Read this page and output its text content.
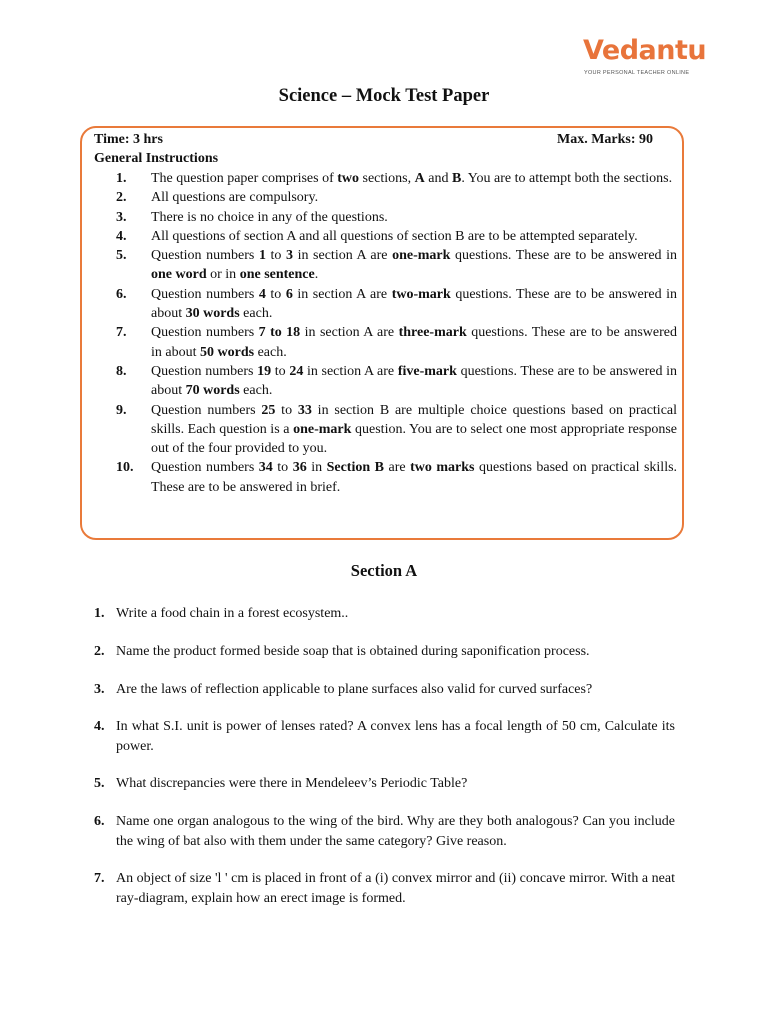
Vedantu
YOUR PERSONAL TEACHER ONLINE
Science – Mock Test Paper
Time: 3 hrs	Max. Marks: 90
General Instructions
1.	The question paper comprises of two sections, A and B. You are to attempt both the sections.
2.	All questions are compulsory.
3.	There is no choice in any of the questions.
4.	All questions of section A and all questions of section B are to be attempted separately.
5.	Question numbers 1 to 3 in section A are one-mark questions. These are to be answered in one word or in one sentence.
6.	Question numbers 4 to 6 in section A are two-mark questions. These are to be answered in about 30 words each.
7.	Question numbers 7 to 18 in section A are three-mark questions. These are to be answered in about 50 words each.
8.	Question numbers 19 to 24 in section A are five-mark questions. These are to be answered in about 70 words each.
9.	Question numbers 25 to 33 in section B are multiple choice questions based on practical skills. Each question is a one-mark question. You are to select one most appropriate response out of the four provided to you.
10.	Question numbers 34 to 36 in Section B are two marks questions based on practical skills. These are to be answered in brief.
Section A
1. Write a food chain in a forest ecosystem..
2. Name the product formed beside soap that is obtained during saponification process.
3. Are the laws of reflection applicable to plane surfaces also valid for curved surfaces?
4. In what S.I. unit is power of lenses rated? A convex lens has a focal length of 50 cm, Calculate its power.
5. What discrepancies were there in Mendeleev’s Periodic Table?
6. Name one organ analogous to the wing of the bird. Why are they both analogous? Can you include the wing of bat also with them under the same category? Give reason.
7. An object of size 'l ' cm is placed in front of a (i) convex mirror and (ii) concave mirror. With a neat ray-diagram, explain how an erect image is formed.
